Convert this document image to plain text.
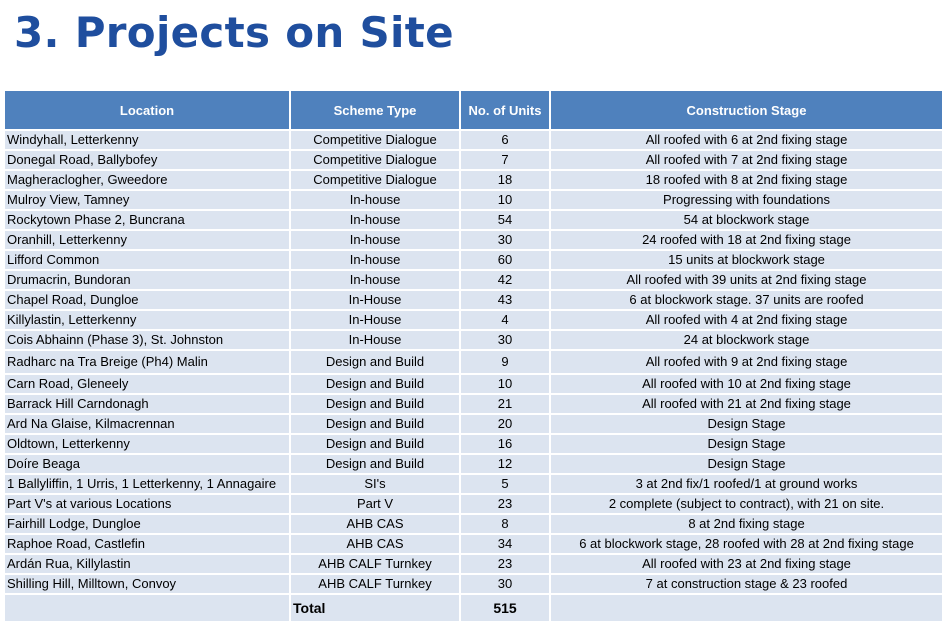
3. Projects on Site
Location	Scheme Type	No. of Units	Construction Stage
Windyhall, Letterkenny	Competitive Dialogue	6	All roofed with 6 at 2nd fixing stage
Donegal Road, Ballybofey	Competitive Dialogue	7	All roofed with 7 at 2nd fixing stage
Magheraclogher, Gweedore	Competitive Dialogue	18	18 roofed with 8 at 2nd fixing stage
Mulroy View, Tamney	In-house	10	Progressing with foundations
Rockytown Phase 2, Buncrana	In-house	54	54 at blockwork stage
Oranhill, Letterkenny	In-house	30	24 roofed with 18 at 2nd fixing stage
Lifford Common	In-house	60	15 units at blockwork stage
Drumacrin, Bundoran	In-house	42	All roofed with 39 units at 2nd fixing stage
Chapel Road, Dungloe	In-House	43	6 at blockwork stage. 37 units are roofed
Killylastin, Letterkenny	In-House	4	All roofed with 4 at 2nd fixing stage
Cois Abhainn (Phase 3), St. Johnston	In-House	30	24 at blockwork stage
Radharc na Tra Breige (Ph4) Malin	Design and Build	9	All roofed with 9 at 2nd fixing stage
Carn Road, Gleneely	Design and Build	10	All roofed with 10 at 2nd fixing stage
Barrack Hill Carndonagh	Design and Build	21	All roofed with 21 at 2nd fixing stage
Ard Na Glaise, Kilmacrennan	Design and Build	20	Design Stage
Oldtown, Letterkenny	Design and Build	16	Design Stage
Doíre Beaga	Design and Build	12	Design Stage
1 Ballyliffin, 1 Urris, 1 Letterkenny, 1 Annagaire	SI's	5	3 at 2nd fix/1 roofed/1 at ground works
Part V's at various Locations	Part V	23	2 complete (subject to contract), with 21 on site.
Fairhill Lodge, Dungloe	AHB CAS	8	8 at 2nd fixing stage
Raphoe Road, Castlefin	AHB CAS	34	6 at blockwork stage, 28 roofed with 28 at 2nd fixing stage
Ardán Rua, Killylastin	AHB CALF Turnkey	23	All roofed with 23 at 2nd fixing stage
Shilling Hill, Milltown, Convoy	AHB CALF Turnkey	30	7 at construction stage & 23 roofed
	Total	515	
